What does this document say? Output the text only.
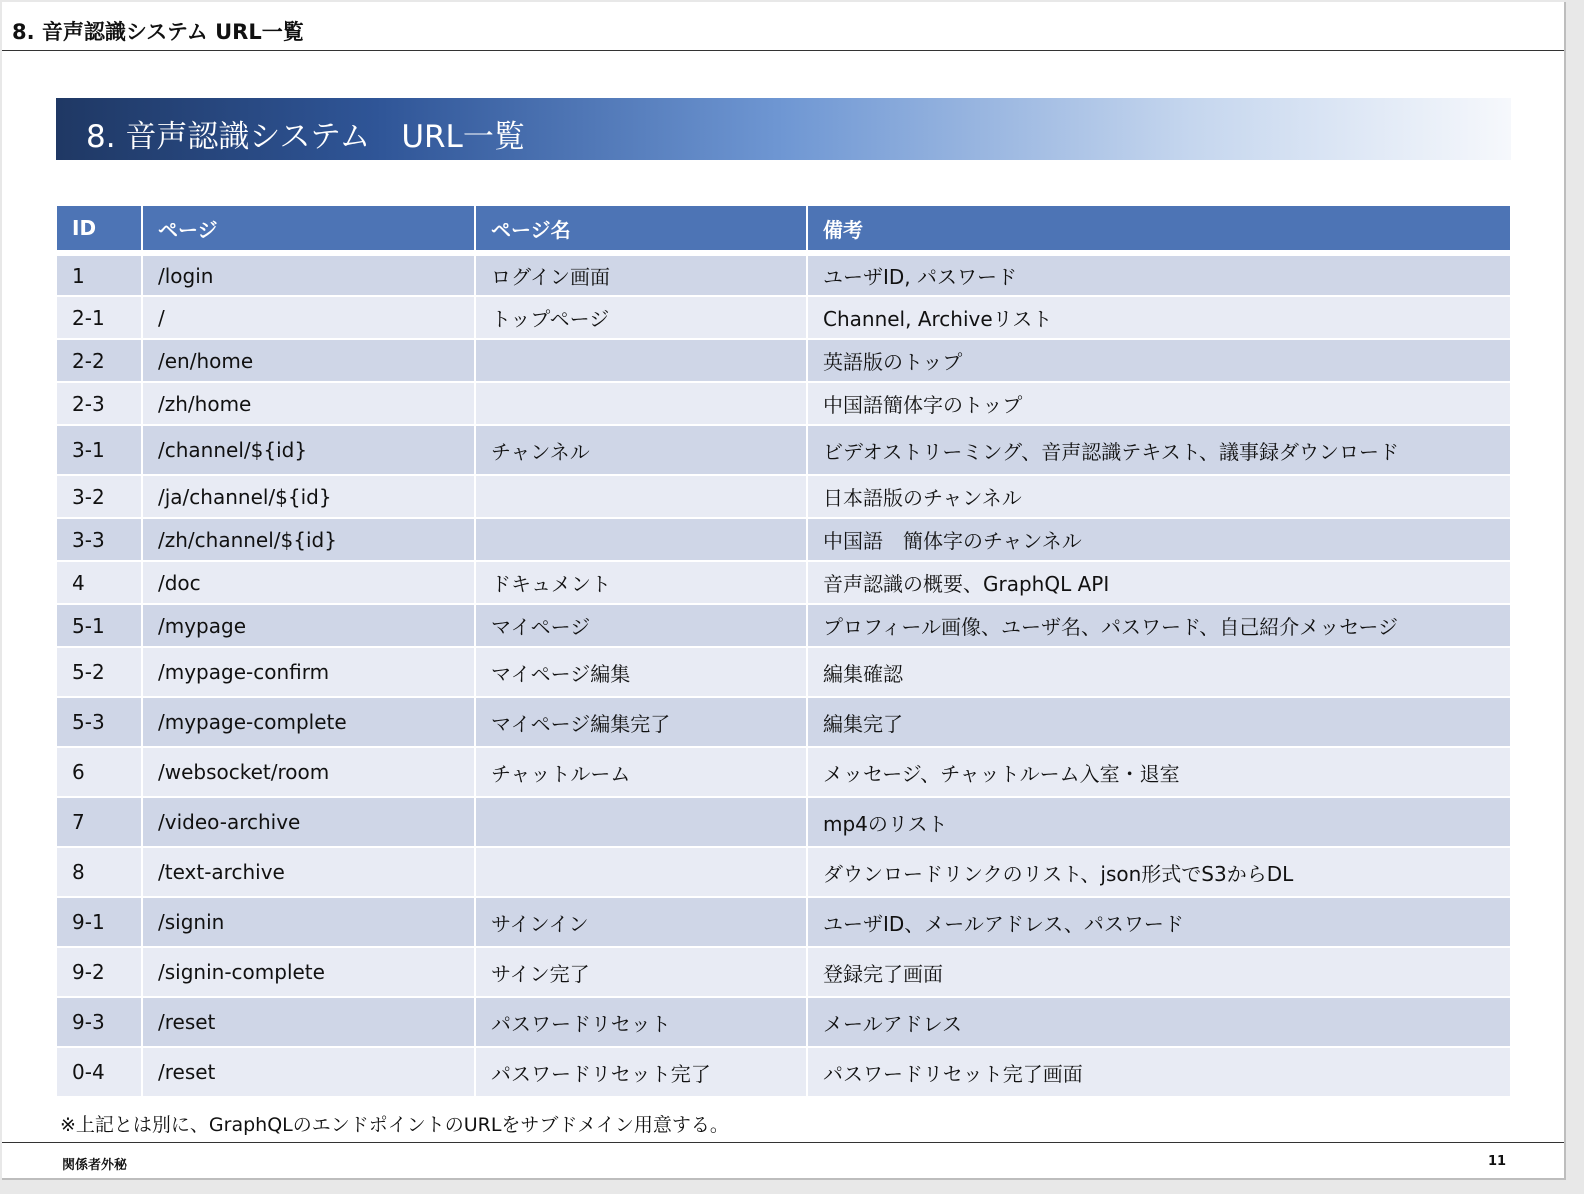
8. 音声認識システム URL一覧
8. 音声認識システム　URL一覧
ID	ページ	ページ名	備考
1	/login	ログイン画面	ユーザID, パスワード
2-1	/	トップページ	Channel, Archiveリスト
2-2	/en/home		英語版のトップ
2-3	/zh/home		中国語簡体字のトップ
3-1	/channel/${id}	チャンネル	ビデオストリーミング、音声認識テキスト、議事録ダウンロード
3-2	/ja/channel/${id}		日本語版のチャンネル
3-3	/zh/channel/${id}		中国語　簡体字のチャンネル
4	/doc	ドキュメント	音声認識の概要、GraphQL API
5-1	/mypage	マイページ	プロフィール画像、ユーザ名、パスワード、自己紹介メッセージ
5-2	/mypage-confirm	マイページ編集	編集確認
5-3	/mypage-complete	マイページ編集完了	編集完了
6	/websocket/room	チャットルーム	メッセージ、チャットルーム入室・退室
7	/video-archive		mp4のリスト
8	/text-archive		ダウンロードリンクのリスト、json形式でS3からDL
9-1	/signin	サインイン	ユーザID、メールアドレス、パスワード
9-2	/signin-complete	サイン完了	登録完了画面
9-3	/reset	パスワードリセット	メールアドレス
0-4	/reset	パスワードリセット完了	パスワードリセット完了画面
※上記とは別に、GraphQLのエンドポイントのURLをサブドメイン用意する。
関係者外秘	11
